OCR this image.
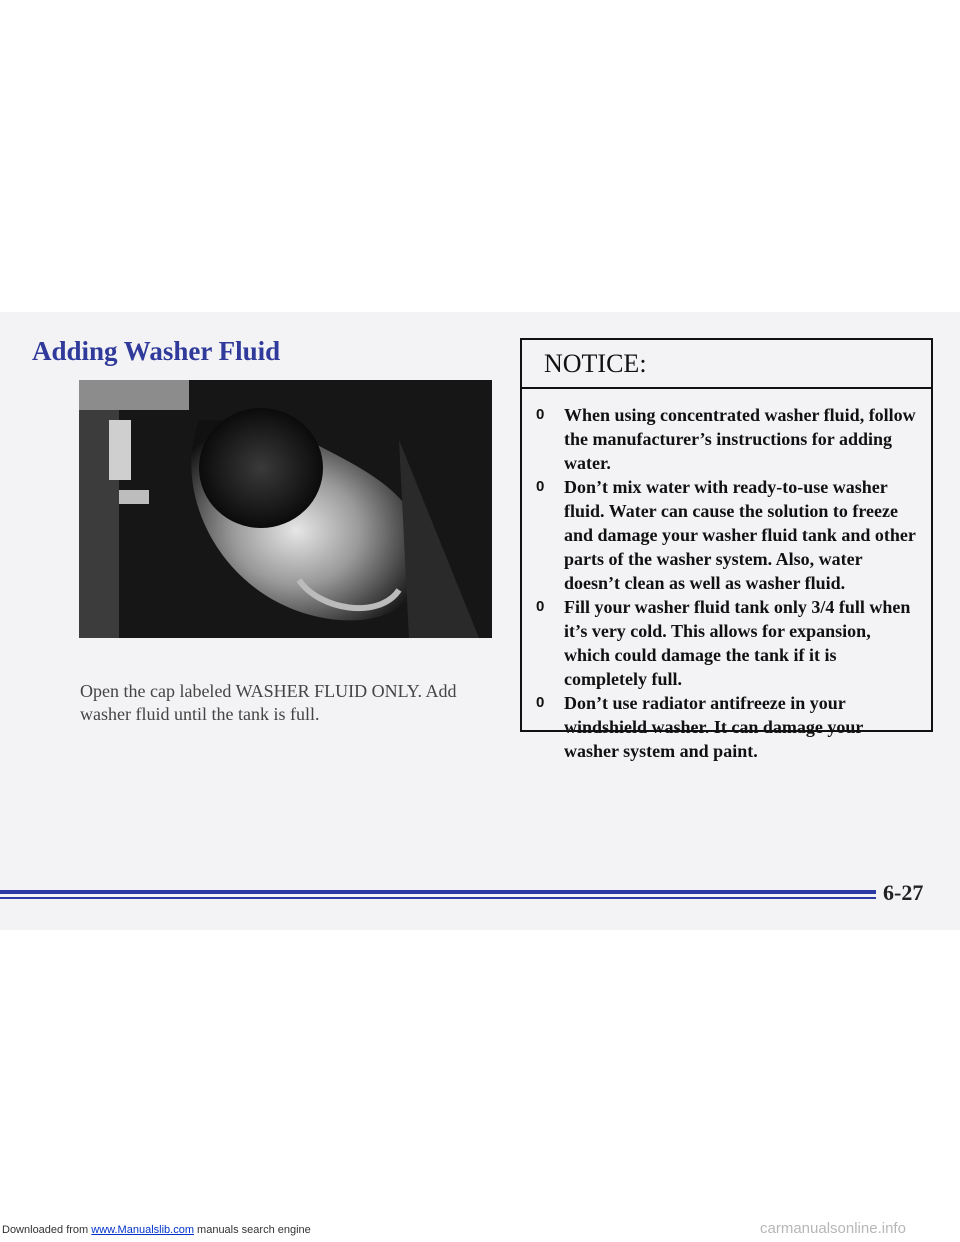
Adding Washer Fluid

Open the cap labeled WASHER FLUID ONLY. Add washer fluid until the tank is full.

NOTICE:
0 When using concentrated washer fluid, follow the manufacturer’s instructions for adding water.
0 Don’t mix water with ready-to-use washer fluid. Water can cause the solution to freeze and damage your washer fluid tank and other parts of the washer system. Also, water doesn’t clean as well as washer fluid.
0 Fill your washer fluid tank only 3/4 full when it’s very cold. This allows for expansion, which could damage the tank if it is completely full.
0 Don’t use radiator antifreeze in your windshield washer. It can damage your washer system and paint.
6-27
Downloaded from www.Manualslib.com manuals search engine	carmanualsonline.info
